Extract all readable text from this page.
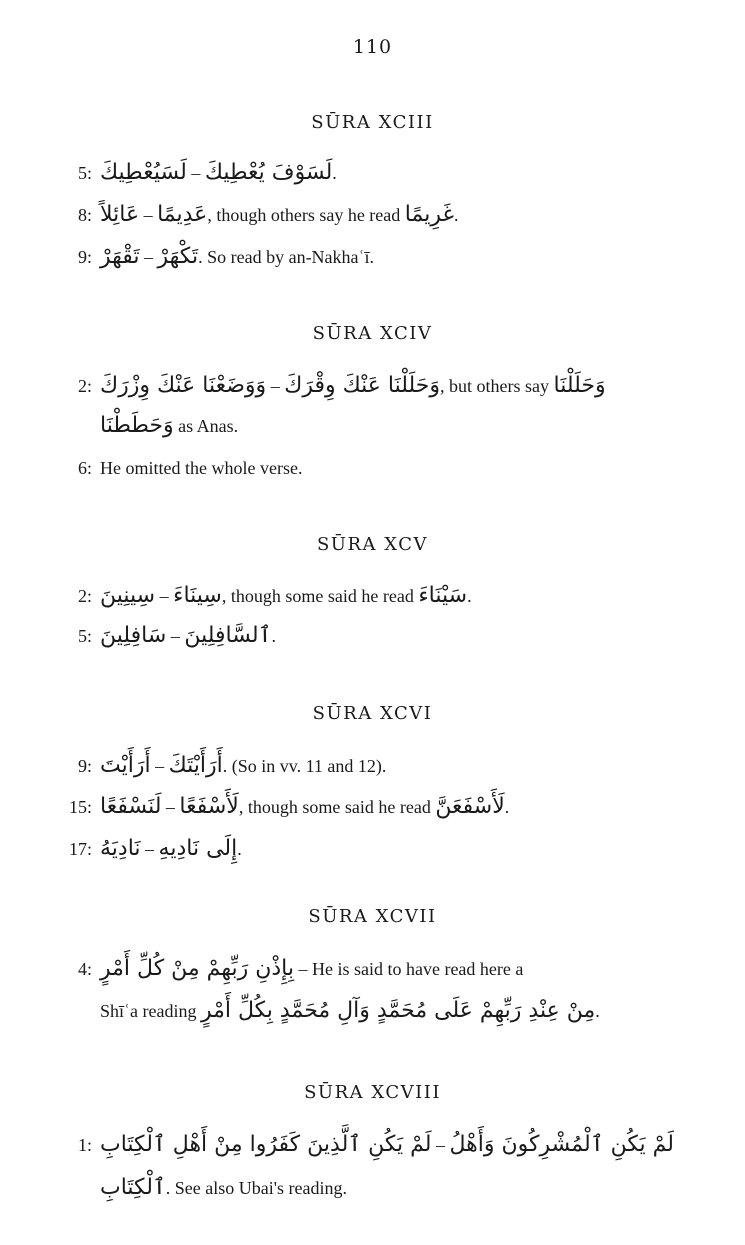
110
SŪRA XCIII
5: لَسَيُعْطِيكَ – لَسَوْفَ يُعْطِيكَ.
8: عَائِلاً – عَدِيمًا, though others say he read غَرِيمًا.
9: تَقْهَرْ – تَكْهَرْ. So read by an-Nakhaʿī.
SŪRA XCIV
2: وَوَضَعْنَا عَنْكَ وِزْرَكَ – وَحَلَلْنَا عَنْكَ وِقْرَكَ, but others say وَحَلَلْنَا
وَحَطَطْنَا as Anas.
6: He omitted the whole verse.
SŪRA XCV
2: سِينِينَ – سِينَاءَ, though some said he read سَيْنَاءَ.
5: سَافِلِينَ – ٱلسَّافِلِينَ.
SŪRA XCVI
9: أَرَأَيْتَ – أَرَأَيْتَكَ. (So in vv. 11 and 12).
15: لَنَسْفَعًا – لَأَسْفَعًا, though some said he read لَأَسْفَعَنَّ.
17: نَادِيَهُ – إِلَى نَادِيهِ.
SŪRA XCVII
4: بِإِذْنِ رَبِّهِمْ مِنْ كُلِّ أَمْرٍ – He is said to have read here a
Shīʿa reading مِنْ عِنْدِ رَبِّهِمْ عَلَى مُحَمَّدٍ وَآلِ مُحَمَّدٍ بِكُلِّ أَمْرٍ.
SŪRA XCVIII
1: لَمْ يَكُنِ ٱلَّذِينَ كَفَرُوا مِنْ أَهْلِ ٱلْكِتَابِ – لَمْ يَكُنِ ٱلْمُشْرِكُونَ وَأَهْلُ
ٱلْكِتَابِ. See also Ubai's reading.
